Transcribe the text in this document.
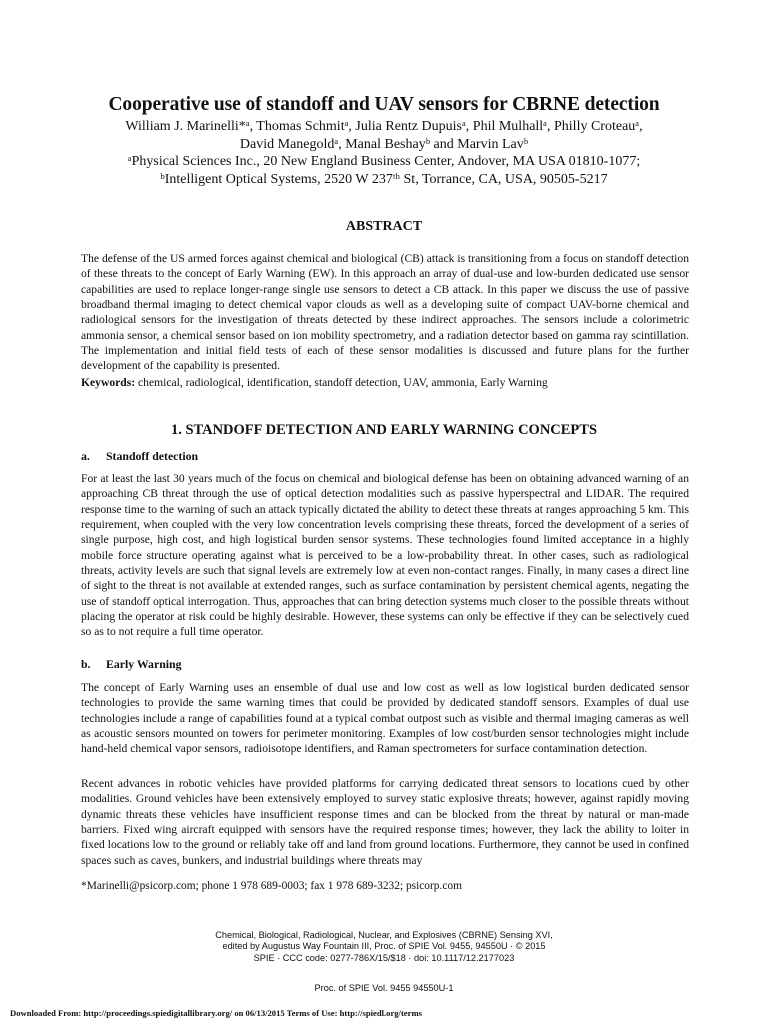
Cooperative use of standoff and UAV sensors for CBRNE detection

William J. Marinelli*ᵃ, Thomas Schmitᵃ, Julia Rentz Dupuisᵃ, Phil Mulhallᵃ, Philly Croteauᵃ,

David Manegoldᵃ, Manal Beshayᵇ and Marvin Lavᵇ

ᵃPhysical Sciences Inc., 20 New England Business Center, Andover, MA USA 01810-1077;

ᵇIntelligent Optical Systems, 2520 W 237ᵗʰ St, Torrance, CA, USA, 90505-5217

ABSTRACT

The defense of the US armed forces against chemical and biological (CB) attack is transitioning from a focus on standoff detection of these threats to the concept of Early Warning (EW). In this approach an array of dual-use and low-burden dedicated use sensor capabilities are used to replace longer-range single use sensors to detect a CB attack. In this paper we discuss the use of passive broadband thermal imaging to detect chemical vapor clouds as well as a developing suite of compact UAV-borne chemical and radiological sensors for the investigation of threats detected by these indirect approaches. The sensors include a colorimetric ammonia sensor, a chemical sensor based on ion mobility spectrometry, and a radiation detector based on gamma ray scintillation. The implementation and initial field tests of each of these sensor modalities is discussed and future plans for the further development of the capability is presented.

Keywords: chemical, radiological, identification, standoff detection, UAV, ammonia, Early Warning
1. STANDOFF DETECTION AND EARLY WARNING CONCEPTS
a. Standoff detection

For at least the last 30 years much of the focus on chemical and biological defense has been on obtaining advanced warning of an approaching CB threat through the use of optical detection modalities such as passive hyperspectral and LIDAR. The required response time to the warning of such an attack typically dictated the ability to detect these threats at ranges approaching 5 km. This requirement, when coupled with the very low concentration levels comprising these threats, forced the development of a series of single purpose, high cost, and high logistical burden sensor systems. These technologies found limited acceptance in a highly mobile force structure operating against what is perceived to be a low-probability threat. In other cases, such as radiological threats, activity levels are such that signal levels are extremely low at even non-contact ranges. Finally, in many cases a direct line of sight to the threat is not available at extended ranges, such as surface contamination by persistent chemical agents, negating the use of standoff optical interrogation. Thus, approaches that can bring detection systems much closer to the possible threats without placing the operator at risk could be highly desirable. However, these systems can only be effective if they can be selectively cued so as to not require a full time operator.

b. Early Warning

The concept of Early Warning uses an ensemble of dual use and low cost as well as low logistical burden dedicated sensor technologies to provide the same warning times that could be provided by dedicated standoff sensors. Examples of dual use technologies include a range of capabilities found at a typical combat outpost such as visible and thermal imaging cameras as well as acoustic sensors mounted on towers for perimeter monitoring. Examples of low cost/burden sensor technologies might include hand-held chemical vapor sensors, radioisotope identifiers, and Raman spectrometers for surface contamination detection.

Recent advances in robotic vehicles have provided platforms for carrying dedicated threat sensors to locations cued by other modalities. Ground vehicles have been extensively employed to survey static explosive threats; however, against rapidly moving dynamic threats these vehicles have insufficient response times and can be blocked from the threat by natural or man-made barriers. Fixed wing aircraft equipped with sensors have the required response times; however, they lack the ability to loiter in fixed locations low to the ground or reliably take off and land from ground locations. Furthermore, they cannot be used in confined spaces such as caves, bunkers, and industrial buildings where threats may

*Marinelli@psicorp.com; phone 1 978 689-0003; fax 1 978 689-3232; psicorp.com

Chemical, Biological, Radiological, Nuclear, and Explosives (CBRNE) Sensing XVI,

edited by Augustus Way Fountain III, Proc. of SPIE Vol. 9455, 94550U · © 2015

SPIE · CCC code: 0277-786X/15/$18 · doi: 10.1117/12.2177023

Proc. of SPIE Vol. 9455 94550U-1
Downloaded From: http://proceedings.spiedigitallibrary.org/ on 06/13/2015 Terms of Use: http://spiedl.org/terms
